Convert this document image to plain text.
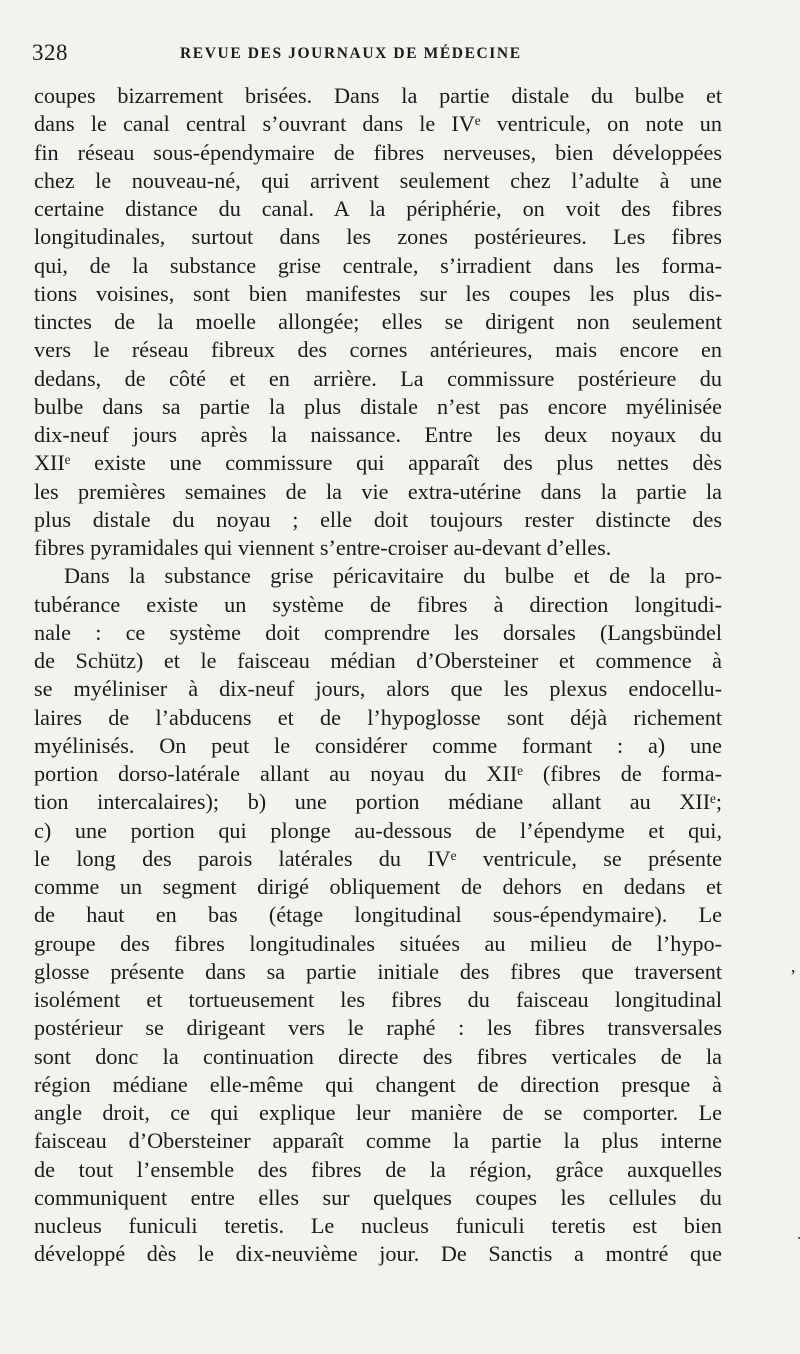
328	REVUE DES JOURNAUX DE MÉDECINE
coupes bizarrement brisées. Dans la partie distale du bulbe et
dans le canal central s’ouvrant dans le IVᵉ ventricule, on note un
fin réseau sous-épendymaire de fibres nerveuses, bien développées
chez le nouveau-né, qui arrivent seulement chez l’adulte à une
certaine distance du canal. A la périphérie, on voit des fibres
longitudinales, surtout dans les zones postérieures. Les fibres
qui, de la substance grise centrale, s’irradient dans les forma-
tions voisines, sont bien manifestes sur les coupes les plus dis-
tinctes de la moelle allongée; elles se dirigent non seulement
vers le réseau fibreux des cornes antérieures, mais encore en
dedans, de côté et en arrière. La commissure postérieure du
bulbe dans sa partie la plus distale n’est pas encore myélinisée
dix-neuf jours après la naissance. Entre les deux noyaux du
XIIᵉ existe une commissure qui apparaît des plus nettes dès
les premières semaines de la vie extra-utérine dans la partie la
plus distale du noyau ; elle doit toujours rester distincte des
fibres pyramidales qui viennent s’entre-croiser au-devant d’elles.
Dans la substance grise péricavitaire du bulbe et de la pro-
tubérance existe un système de fibres à direction longitudi-
nale : ce système doit comprendre les dorsales (Langsbündel
de Schütz) et le faisceau médian d’Obersteiner et commence à
se myéliniser à dix-neuf jours, alors que les plexus endocellu-
laires de l’abducens et de l’hypoglosse sont déjà richement
myélinisés. On peut le considérer comme formant : a) une
portion dorso-latérale allant au noyau du XIIᵉ (fibres de forma-
tion intercalaires); b) une portion médiane allant au XIIᵉ;
c) une portion qui plonge au-dessous de l’épendyme et qui,
le long des parois latérales du IVᵉ ventricule, se présente
comme un segment dirigé obliquement de dehors en dedans et
de haut en bas (étage longitudinal sous-épendymaire). Le
groupe des fibres longitudinales situées au milieu de l’hypo-
glosse présente dans sa partie initiale des fibres que traversent
isolément et tortueusement les fibres du faisceau longitudinal
postérieur se dirigeant vers le raphé : les fibres transversales
sont donc la continuation directe des fibres verticales de la
région médiane elle-même qui changent de direction presque à
angle droit, ce qui explique leur manière de se comporter. Le
faisceau d’Obersteiner apparaît comme la partie la plus interne
de tout l’ensemble des fibres de la région, grâce auxquelles
communiquent entre elles sur quelques coupes les cellules du
nucleus funiculi teretis. Le nucleus funiculi teretis est bien
développé dès le dix-neuvième jour. De Sanctis a montré que
ʼ
